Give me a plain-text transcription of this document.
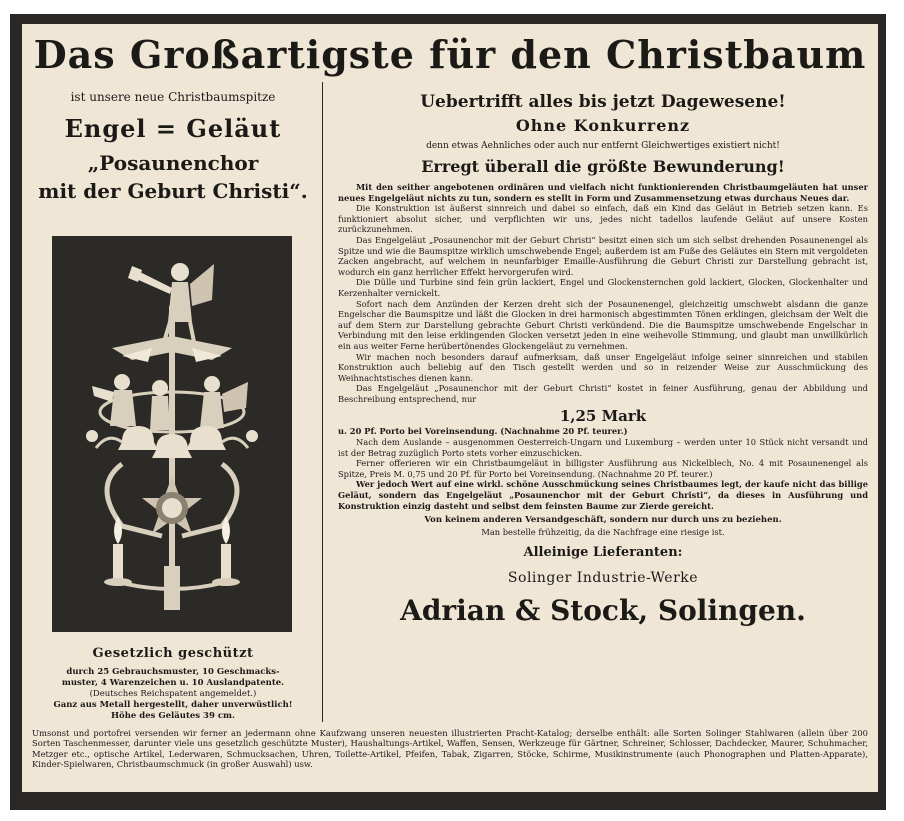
Das Großartigste für den Christbaum

ist unsere neue Christbaumspitze

Engel = Geläut

„Posaunenchor

mit der Geburt Christi“.

Gesetzlich geschützt

durch 25 Gebrauchsmuster, 10 Geschmacks-

muster, 4 Warenzeichen u. 10 Auslandpatente.

(Deutsches Reichspatent angemeldet.)

Ganz aus Metall hergestellt, daher unverwüstlich!

Höhe des Geläutes 39 cm.

Uebertrifft alles bis jetzt Dagewesene!

Ohne Konkurrenz

denn etwas Aehnliches oder auch nur entfernt Gleichwertiges existiert nicht!

Erregt überall die größte Bewunderung!

Mit den seither angebotenen ordinären und vielfach nicht funktionierenden Christbaumgeläuten hat unser neues Engelgeläut nichts zu tun, sondern es stellt in Form und Zusammensetzung etwas durchaus Neues dar.

Die Konstruktion ist äußerst sinnreich und dabei so einfach, daß ein Kind das Geläut in Betrieb setzen kann. Es funktioniert absolut sicher, und verpflichten wir uns, jedes nicht tadellos laufende Geläut auf unsere Kosten zurückzunehmen.

Das Engelgeläut „Posaunenchor mit der Geburt Christi“ besitzt einen sich um sich selbst drehenden Posaunenengel als Spitze und wie die Baumspitze wirklich umschwebende Engel; außerdem ist am Fuße des Geläutes ein Stern mit vergoldeten Zacken angebracht, auf welchem in neunfarbiger Emaille-Ausführung die Geburt Christi zur Darstellung gebracht ist, wodurch ein ganz herrlicher Effekt hervorgerufen wird.

Die Dülle und Turbine sind fein grün lackiert, Engel und Glockensternchen gold lackiert, Glocken, Glockenhalter und Kerzenhalter vernickelt.

Sofort nach dem Anzünden der Kerzen dreht sich der Posaunenengel, gleichzeitig umschwebt alsdann die ganze Engelschar die Baumspitze und läßt die Glocken in drei harmonisch abgestimmten Tönen erklingen, gleichsam der Welt die auf dem Stern zur Darstellung gebrachte Geburt Christi verkündend. Die die Baumspitze umschwebende Engelschar in Verbindung mit den leise erklingenden Glocken versetzt jeden in eine weihevolle Stimmung, und glaubt man unwillkürlich ein aus weiter Ferne herübertönendes Glockengeläut zu vernehmen.

Wir machen noch besonders darauf aufmerksam, daß unser Engelgeläut infolge seiner sinnreichen und stabilen Konstruktion auch beliebig auf den Tisch gestellt werden und so in reizender Weise zur Ausschmückung des Weihnachtstisches dienen kann.

Das Engelgeläut „Posaunenchor mit der Geburt Christi“ kostet in feiner Ausführung, genau der Abbildung und Beschreibung entsprechend, nur

1,25 Mark

u. 20 Pf. Porto bei Voreinsendung. (Nachnahme 20 Pf. teurer.)

Nach dem Auslande – ausgenommen Oesterreich-Ungarn und Luxemburg – werden unter 10 Stück nicht versandt und ist der Betrag zuzüglich Porto stets vorher einzuschicken.

Ferner offerieren wir ein Christbaumgeläut in billigster Ausführung aus Nickelblech, No. 4 mit Posaunenengel als Spitze, Preis M. 0,75 und 20 Pf. für Porto bei Voreinsendung. (Nachnahme 20 Pf. teurer.)

Wer jedoch Wert auf eine wirkl. schöne Ausschmückung seines Christbaumes legt, der kaufe nicht das billige Geläut, sondern das Engelgeläut „Posaunenchor mit der Geburt Christi“, da dieses in Ausführung und Konstruktion einzig dasteht und selbst dem feinsten Baume zur Zierde gereicht.

Von keinem anderen Versandgeschäft, sondern nur durch uns zu beziehen.

Man bestelle frühzeitig, da die Nachfrage eine riesige ist.

Alleinige Lieferanten:

Solinger Industrie-Werke

Adrian & Stock, Solingen.

Umsonst und portofrei versenden wir ferner an jedermann ohne Kaufzwang unseren neuesten illustrierten Pracht-Katalog; derselbe enthält: alle Sorten Solinger Stahlwaren (allein über 200 Sorten Taschenmesser, darunter viele uns gesetzlich geschützte Muster), Haushaltungs-Artikel, Waffen, Sensen, Werkzeuge für Gärtner, Schreiner, Schlosser, Dachdecker, Maurer, Schuhmacher, Metzger etc., optische Artikel, Lederwaren, Schmucksachen, Uhren, Toilette-Artikel, Pfeifen, Tabak, Zigarren, Stöcke, Schirme, Musikinstrumente (auch Phonographen und Platten-Apparate), Kinder-Spielwaren, Christbaumschmuck (in großer Auswahl) usw.
